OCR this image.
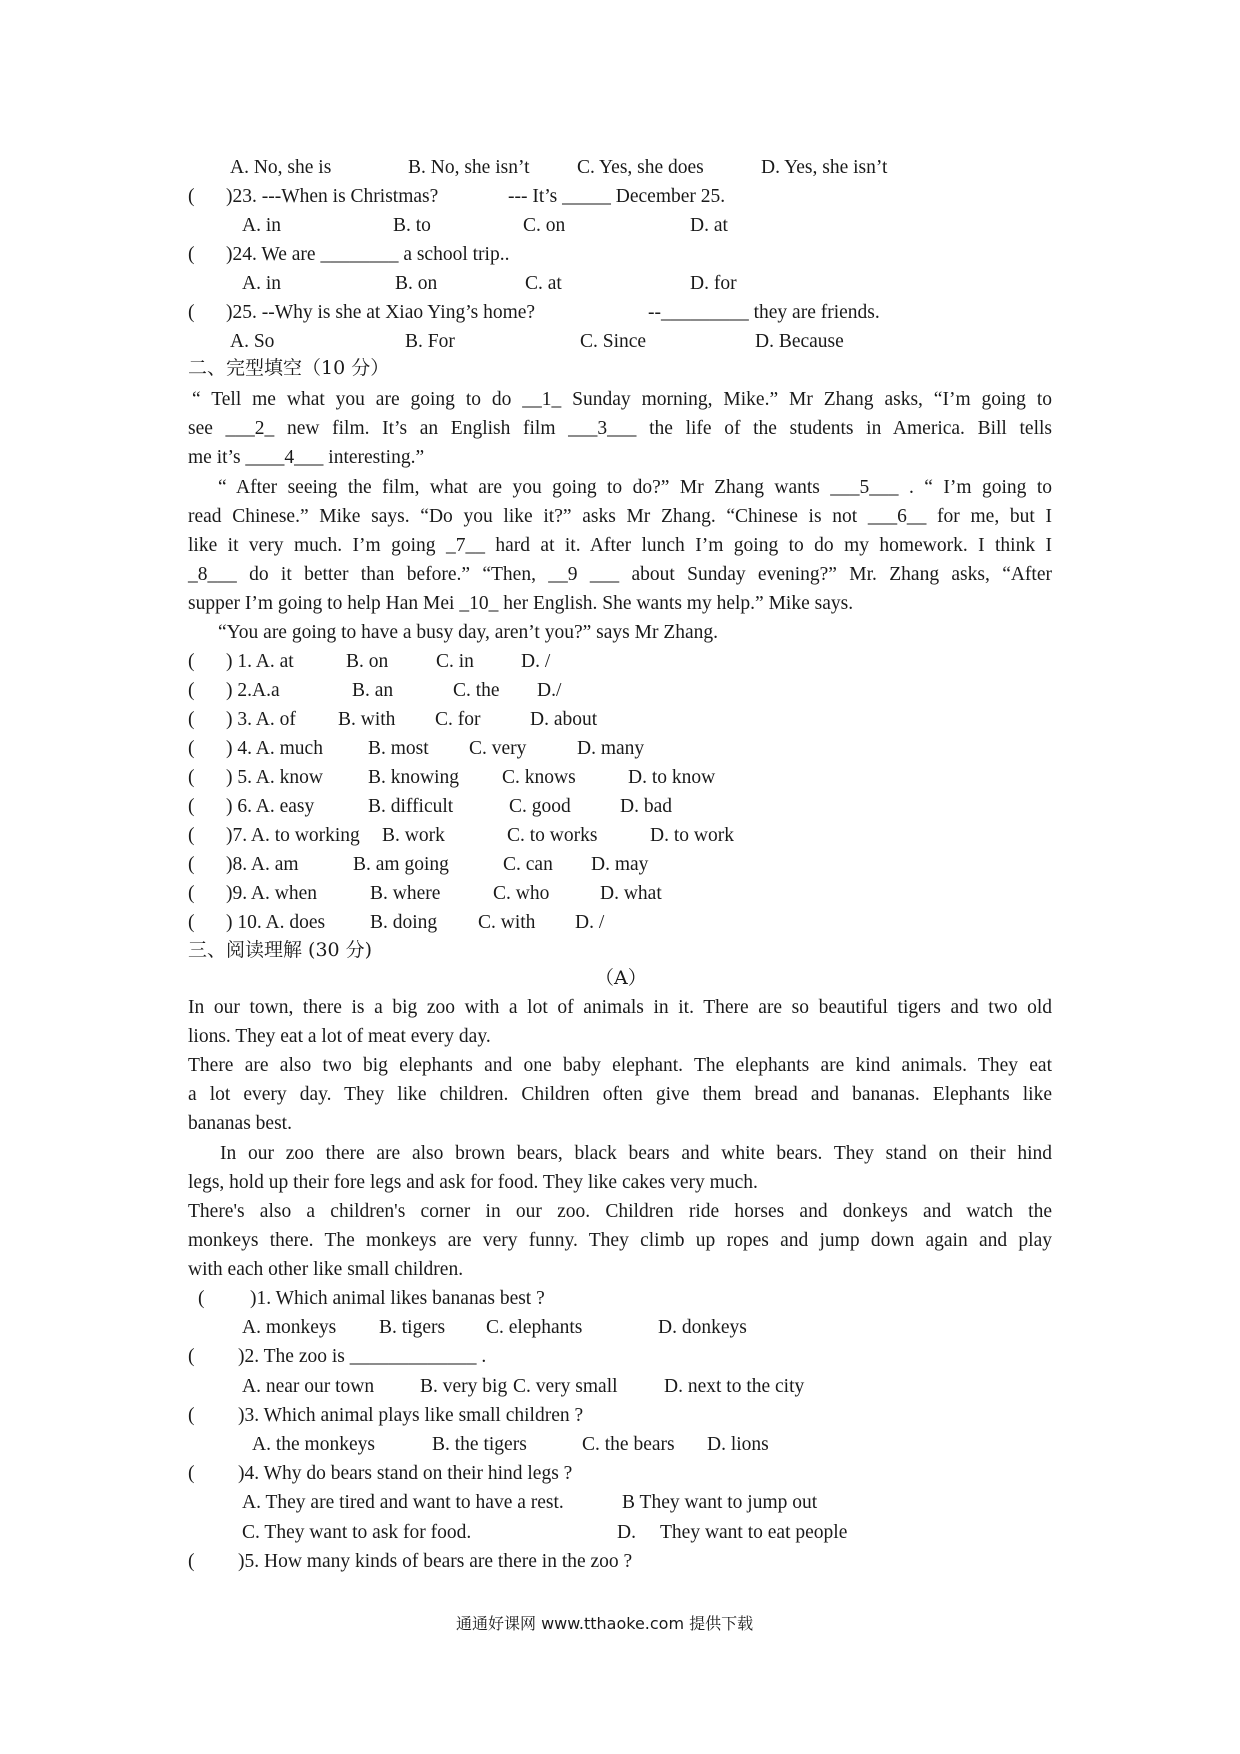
A. No, she is	B. No, she isn’t C. Yes, she does	D. Yes, she isn’t
( )23. ---When is Christmas?	--- It’s _____ December 25.
A. in	B. to	C. on	D. at
( )24. We are ________ a school trip..
A. in	B. on	C. at	D. for
( )25. --Why is she at Xiao Ying’s home?	--_________ they are friends.
A. So	B. For	C. Since	D. Because
二、完型填空（10 分）
“ Tell me what you are going to do __1_ Sunday morning, Mike.” Mr Zhang asks, “I’m going to
see ___2_ new film. It’s an English film ___3___ the life of the students in America. Bill tells
me it’s ____4___ interesting.”
“ After seeing the film, what are you going to do?” Mr Zhang wants ___5___ . “ I’m going to
read Chinese.” Mike says. “Do you like it?” asks Mr Zhang. “Chinese is not ___6__ for me, but I
like it very much. I’m going _7__ hard at it. After lunch I’m going to do my homework. I think I
_8___ do it better than before.” “Then, __9 ___ about Sunday evening?” Mr. Zhang asks, “After
supper I’m going to help Han Mei _10_ her English. She wants my help.” Mike says.
“You are going to have a busy day, aren’t you?” says Mr Zhang.
( ) 1. A. at	B. on C. in D. /
( ) 2.A.a	B. an	C. the D./
( ) 3. A. of B. with C. for	D. about
( ) 4. A. much B. most C. very	D. many
( ) 5. A. know B. knowing C. knows	D. to know
( ) 6. A. easy	B. difficult	C. good	D. bad
( )7. A. to working B. work	C. to works	D. to work
( )8. A. am	B. am going	C. can D. may
( )9. A. when	B. where	C. who	D. what
( ) 10. A. does B. doing C. with D. /
三、阅读理解 (30 分)
（A）
In our town, there is a big zoo with a lot of animals in it. There are so beautiful tigers and two old
lions. They eat a lot of meat every day.
There are also two big elephants and one baby elephant. The elephants are kind animals. They eat
a lot every day. They like children. Children often give them bread and bananas. Elephants like
bananas best.
In our zoo there are also brown bears, black bears and white bears. They stand on their hind
legs, hold up their fore legs and ask for food. They like cakes very much.
There's also a children's corner in our zoo. Children ride horses and donkeys and watch the
monkeys there. The monkeys are very funny. They climb up ropes and jump down again and play
with each other like small children.
( )1. Which animal likes bananas best ?
A. monkeys B. tigers C. elephants	D. donkeys
( )2. The zoo is _____________ .
A. near our town B. very big C. very small D. next to the city
( )3. Which animal plays like small children ?
A. the monkeys	B. the tigers	C. the bears D. lions
( )4. Why do bears stand on their hind legs ?
A. They are tired and want to have a rest.	B They want to jump out
C. They want to ask for food.	D. They want to eat people
( )5. How many kinds of bears are there in the zoo ?
通通好课网 www.tthaoke.com 提供下载
